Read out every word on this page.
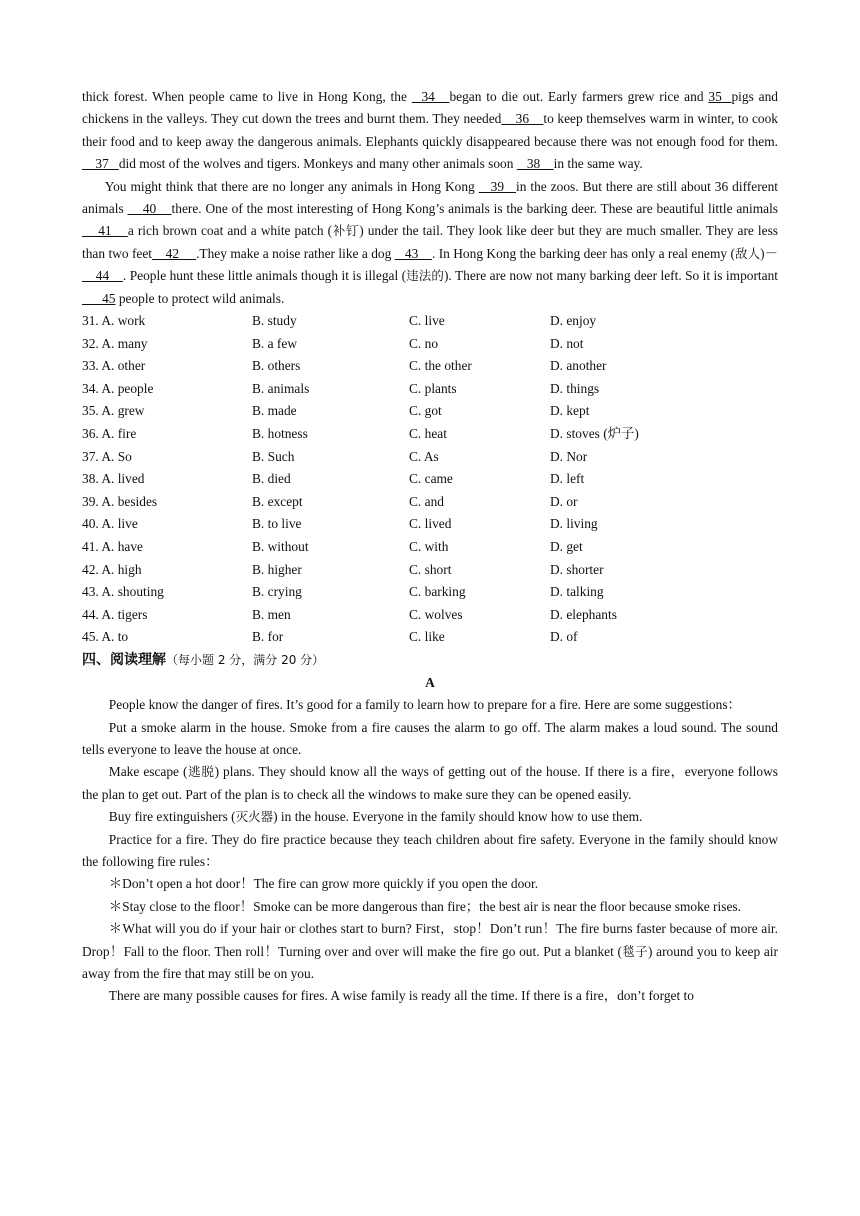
thick forest. When people came to live in Hong Kong, the   34   began to die out. Early farmers grew rice and 35  pigs and chickens in the valleys. They cut down the trees and burnt them. They needed    36    to keep themselves warm in winter, to cook their food and to keep away the dangerous animals. Elephants quickly disappeared because there was not enough food for them.    37   did most of the wolves and tigers. Monkeys and many other animals soon    38    in the same way.

You might think that there are no longer any animals in Hong Kong    39   in the zoos. But there are still about 36 different animals     40    there. One of the most interesting of Hong Kong’s animals is the barking deer. These are beautiful little animals    41    a rich brown coat and a white patch (补钉) under the tail. They look like deer but they are much smaller. They are less than two feet    42     .They make a noise rather like a dog    43    . In Hong Kong the barking deer has only a real enemy (敌人)－    44    . People hunt these little animals though it is illegal (违法的). There are now not many barking deer left. So it is important       45 people to protect wild animals.

31. A. work	B. study	C. live	D. enjoy
32. A. many	B. a few	C. no	D. not
33. A. other	B. others	C. the other	D. another
34. A. people	B. animals	C. plants	D. things
35. A. grew	B. made	C. got	D. kept
36. A. fire	B. hotness	C. heat	D. stoves (炉子)
37. A. So	B. Such	C. As	D. Nor
38. A. lived	B. died	C. came	D. left
39. A. besides	B. except	C. and	D. or
40. A. live	B. to live	C. lived	D. living
41. A. have	B. without	C. with	D. get
42. A. high	B. higher	C. short	D. shorter
43. A. shouting	B. crying	C. barking	D. talking
44. A. tigers	B. men	C. wolves	D. elephants
45. A. to	B. for	C. like	D. of
四、阅读理解（每小题 2 分，满分 20 分）
A

People know the danger of fires. It’s good for a family to learn how to prepare for a fire. Here are some suggestions：

Put a smoke alarm in the house. Smoke from a fire causes the alarm to go off. The alarm makes a loud sound. The sound tells everyone to leave the house at once.

Make escape (逃脱) plans. They should know all the ways of getting out of the house. If there is a fire，everyone follows the plan to get out. Part of the plan is to check all the windows to make sure they can be opened easily.

Buy fire extinguishers (灭火器) in the house. Everyone in the family should know how to use them.

Practice for a fire. They do fire practice because they teach children about fire safety. Everyone in the family should know the following fire rules：

＊Don’t open a hot door！The fire can grow more quickly if you open the door.

＊Stay close to the floor！Smoke can be more dangerous than fire；the best air is near the floor because smoke rises.

＊What will you do if your hair or clothes start to burn? First，stop！Don’t run！The fire burns faster because of more air. Drop！Fall to the floor. Then roll！Turning over and over will make the fire go out. Put a blanket (毯子) around you to keep air away from the fire that may still be on you.

There are many possible causes for fires. A wise family is ready all the time. If there is a fire，don’t forget to
